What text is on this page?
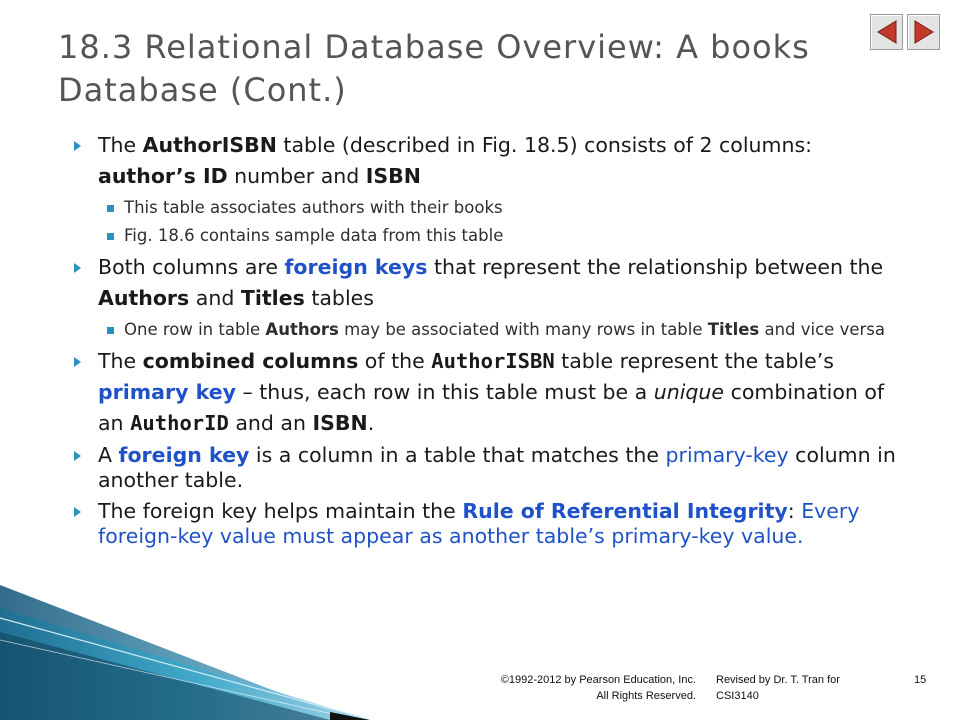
18.3 Relational Database Overview: A books Database (Cont.)

The AuthorISBN table (described in Fig. 18.5) consists of 2 columns: author’s ID number and ISBN

This table associates authors with their books

Fig. 18.6 contains sample data from this table

Both columns are foreign keys that represent the relationship between the Authors and Titles tables

One row in table Authors may be associated with many rows in table Titles and vice versa

The combined columns of the AuthorISBN table represent the table’s primary key – thus, each row in this table must be a unique combination of an AuthorID and an ISBN.

A foreign key is a column in a table that matches the primary-key column in another table.

The foreign key helps maintain the Rule of Referential Integrity: Every foreign-key value must appear as another table’s primary-key value.

©1992-2012 by Pearson Education, Inc.
All Rights Reserved.
Revised by Dr. T. Tran for
CSI3140
15
